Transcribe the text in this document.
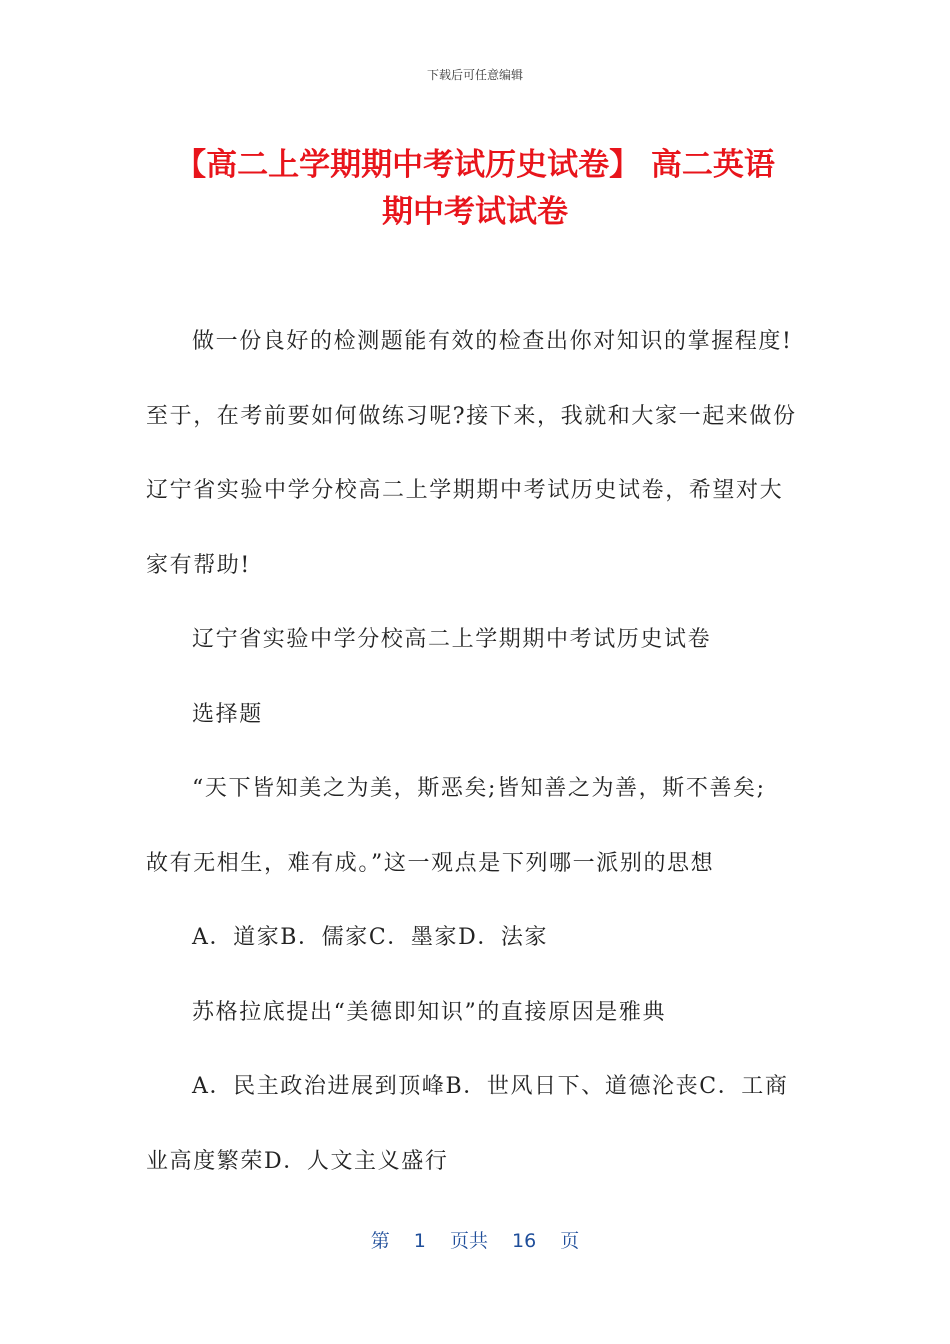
下载后可任意编辑
【高二上学期期中考试历史试卷】 高二英语
期中考试试卷
做一份良好的检测题能有效的检查出你对知识的掌握程度!
至于，在考前要如何做练习呢?接下来，我就和大家一起来做份
辽宁省实验中学分校高二上学期期中考试历史试卷，希望对大
家有帮助!
辽宁省实验中学分校高二上学期期中考试历史试卷
选择题
“天下皆知美之为美，斯恶矣;皆知善之为善，斯不善矣;
故有无相生，难有成。”这一观点是下列哪一派别的思想
A．道家B．儒家C．墨家D．法家
苏格拉底提出“美德即知识”的直接原因是雅典
A．民主政治进展到顶峰B．世风日下、道德沦丧C．工商
业高度繁荣D．人文主义盛行
第 1 页共 16 页
